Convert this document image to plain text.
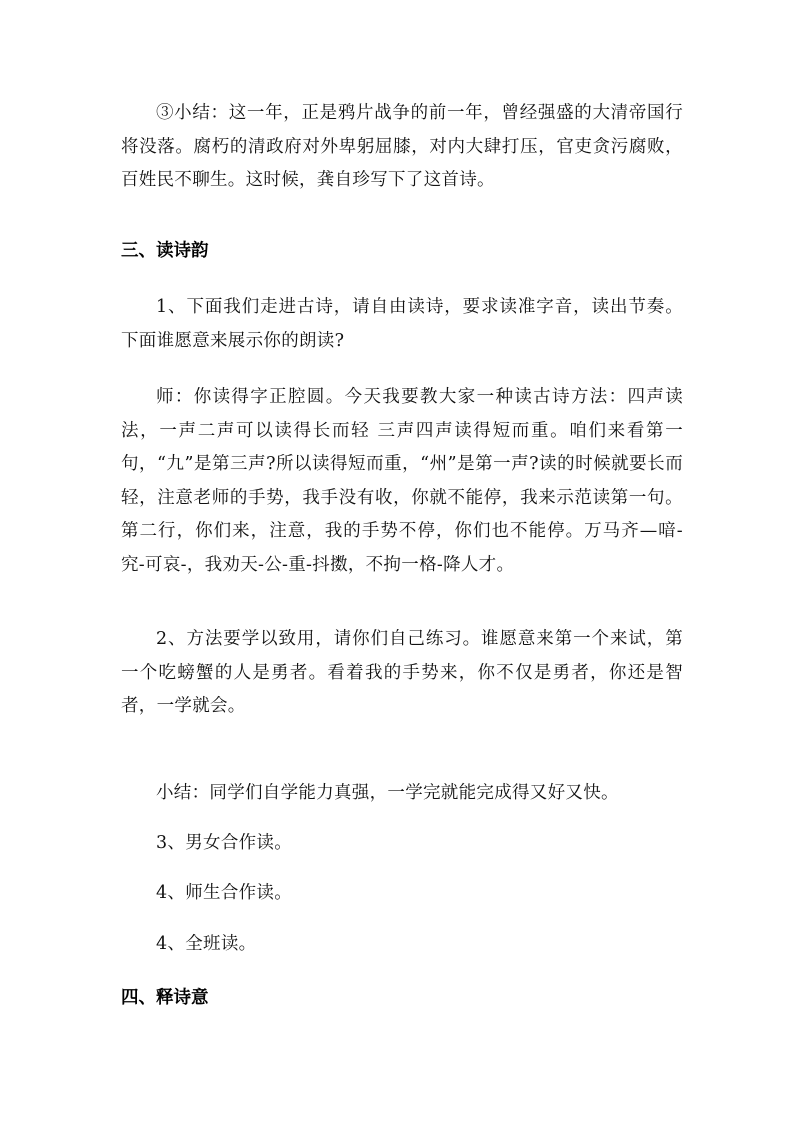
③小结：这一年，正是鸦片战争的前一年，曾经强盛的大清帝国行将没落。腐朽的清政府对外卑躬屈膝，对内大肆打压，官吏贪污腐败，百姓民不聊生。这时候，龚自珍写下了这首诗。

三、读诗韵

1、下面我们走进古诗，请自由读诗，要求读准字音，读出节奏。下面谁愿意来展示你的朗读?

师：你读得字正腔圆。今天我要教大家一种读古诗方法：四声读法，一声二声可以读得长而轻 三声四声读得短而重。咱们来看第一句，“九”是第三声?所以读得短而重，“州”是第一声?读的时候就要长而轻，注意老师的手势，我手没有收，你就不能停，我来示范读第一句。第二行，你们来，注意，我的手势不停，你们也不能停。万马齐—喑-究-可哀-，我劝天-公-重-抖擞，不拘一格-降人才。

2、方法要学以致用，请你们自己练习。谁愿意来第一个来试，第一个吃螃蟹的人是勇者。看着我的手势来，你不仅是勇者，你还是智者，一学就会。

小结：同学们自学能力真强，一学完就能完成得又好又快。

3、男女合作读。

4、师生合作读。

4、全班读。

四、释诗意
